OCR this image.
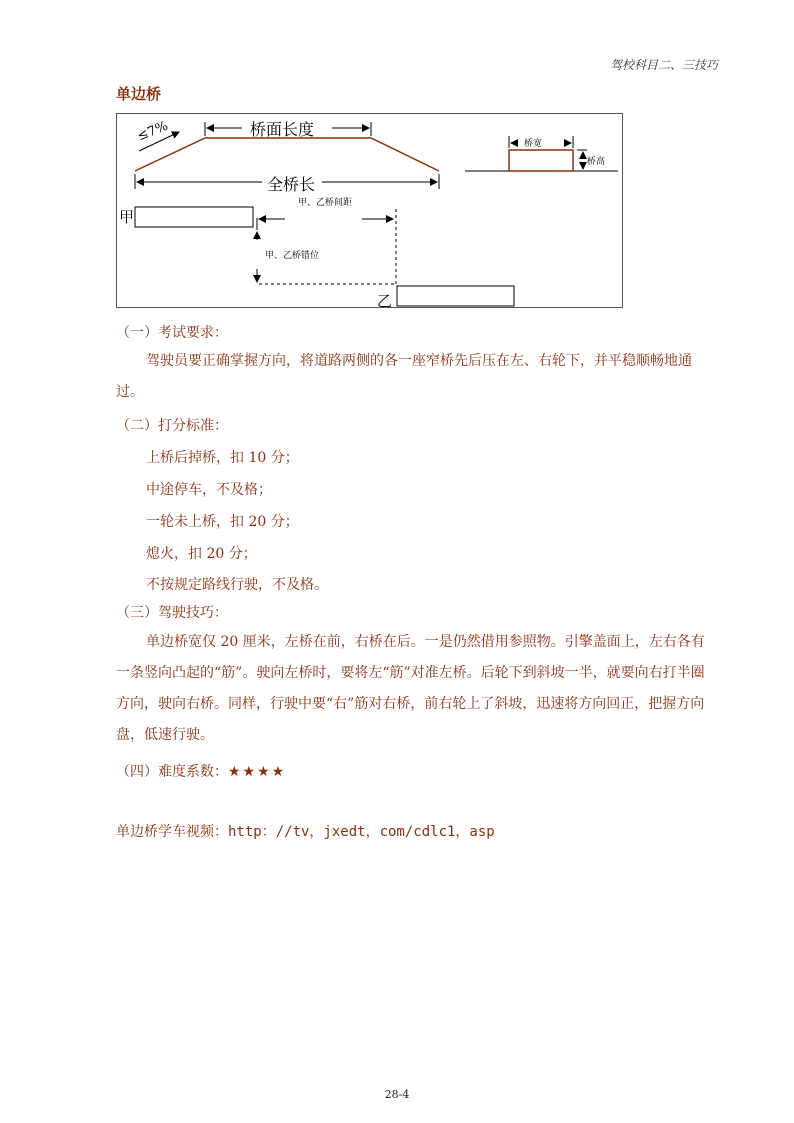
驾校科目二、三技巧
单边桥
≤7%	桥面长度
全桥长
甲
乙
甲、乙桥间距
甲、乙桥错位
桥宽
桥高
（一）考试要求：
驾驶员要正确掌握方向，将道路两侧的各一座窄桥先后压在左、右轮下，并平稳顺畅地通过。
（二）打分标准：
上桥后掉桥，扣 10 分；
中途停车，不及格；
一轮未上桥，扣 20 分；
熄火，扣 20 分；
不按规定路线行驶，不及格。
（三）驾驶技巧：
单边桥宽仅 20 厘米，左桥在前，右桥在后。一是仍然借用参照物。引擎盖面上，左右各有一条竖向凸起的“筋”。驶向左桥时，要将左“筋”对准左桥。后轮下到斜坡一半，就要向右打半圈方向，驶向右桥。同样，行驶中要“右”筋对右桥，前右轮上了斜坡，迅速将方向回正，把握方向盘，低速行驶。
（四）难度系数：★★★★
单边桥学车视频：http：//tv，jxedt，com/cdlc1，asp
28-4
